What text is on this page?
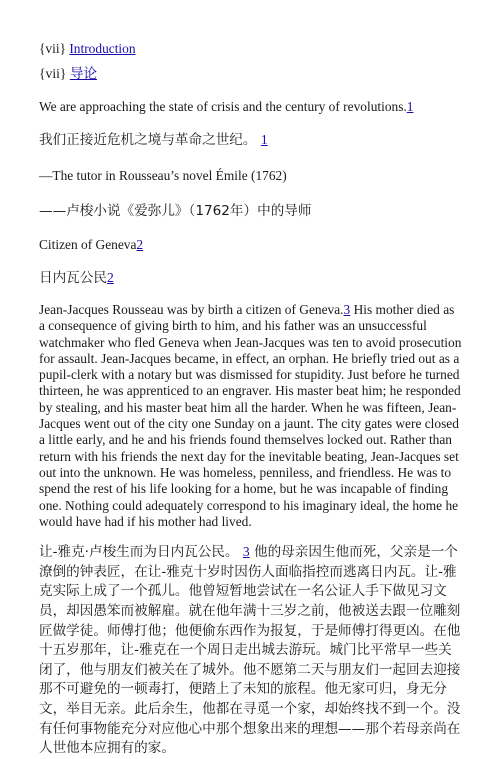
{vii} Introduction

{vii} 导论

We are approaching the state of crisis and the century of revolutions.1

我们正接近危机之境与革命之世纪。 1

—The tutor in Rousseau’s novel Émile (1762)

——卢梭小说《爱弥儿》（1762年）中的导师

Citizen of Geneva2

日内瓦公民2

Jean-Jacques Rousseau was by birth a citizen of Geneva.3 His mother died as a consequence of giving birth to him, and his father was an unsuccessful watchmaker who fled Geneva when Jean-Jacques was ten to avoid prosecution for assault. Jean-Jacques became, in effect, an orphan. He briefly tried out as a pupil-clerk with a notary but was dismissed for stupidity. Just before he turned thirteen, he was apprenticed to an engraver. His master beat him; he responded by stealing, and his master beat him all the harder. When he was fifteen, Jean-Jacques went out of the city one Sunday on a jaunt. The city gates were closed a little early, and he and his friends found themselves locked out. Rather than return with his friends the next day for the inevitable beating, Jean-Jacques set out into the unknown. He was homeless, penniless, and friendless. He was to spend the rest of his life looking for a home, but he was incapable of finding one. Nothing could adequately correspond to his imaginary ideal, the home he would have had if his mother had lived.

让-雅克·卢梭生而为日内瓦公民。 3 他的母亲因生他而死，父亲是一个潦倒的钟表匠，在让-雅克十岁时因伤人面临指控而逃离日内瓦。让-雅克实际上成了一个孤儿。他曾短暂地尝试在一名公证人手下做见习文员，却因愚笨而被解雇。就在他年满十三岁之前，他被送去跟一位雕刻匠做学徒。师傅打他；他便偷东西作为报复，于是师傅打得更凶。在他十五岁那年，让-雅克在一个周日走出城去游玩。城门比平常早一些关闭了，他与朋友们被关在了城外。他不愿第二天与朋友们一起回去迎接那不可避免的一顿毒打，便踏上了未知的旅程。他无家可归，身无分文，举目无亲。此后余生，他都在寻觅一个家，却始终找不到一个。没有任何事物能充分对应他心中那个想象出来的理想——那个若母亲尚在人世他本应拥有的家。
